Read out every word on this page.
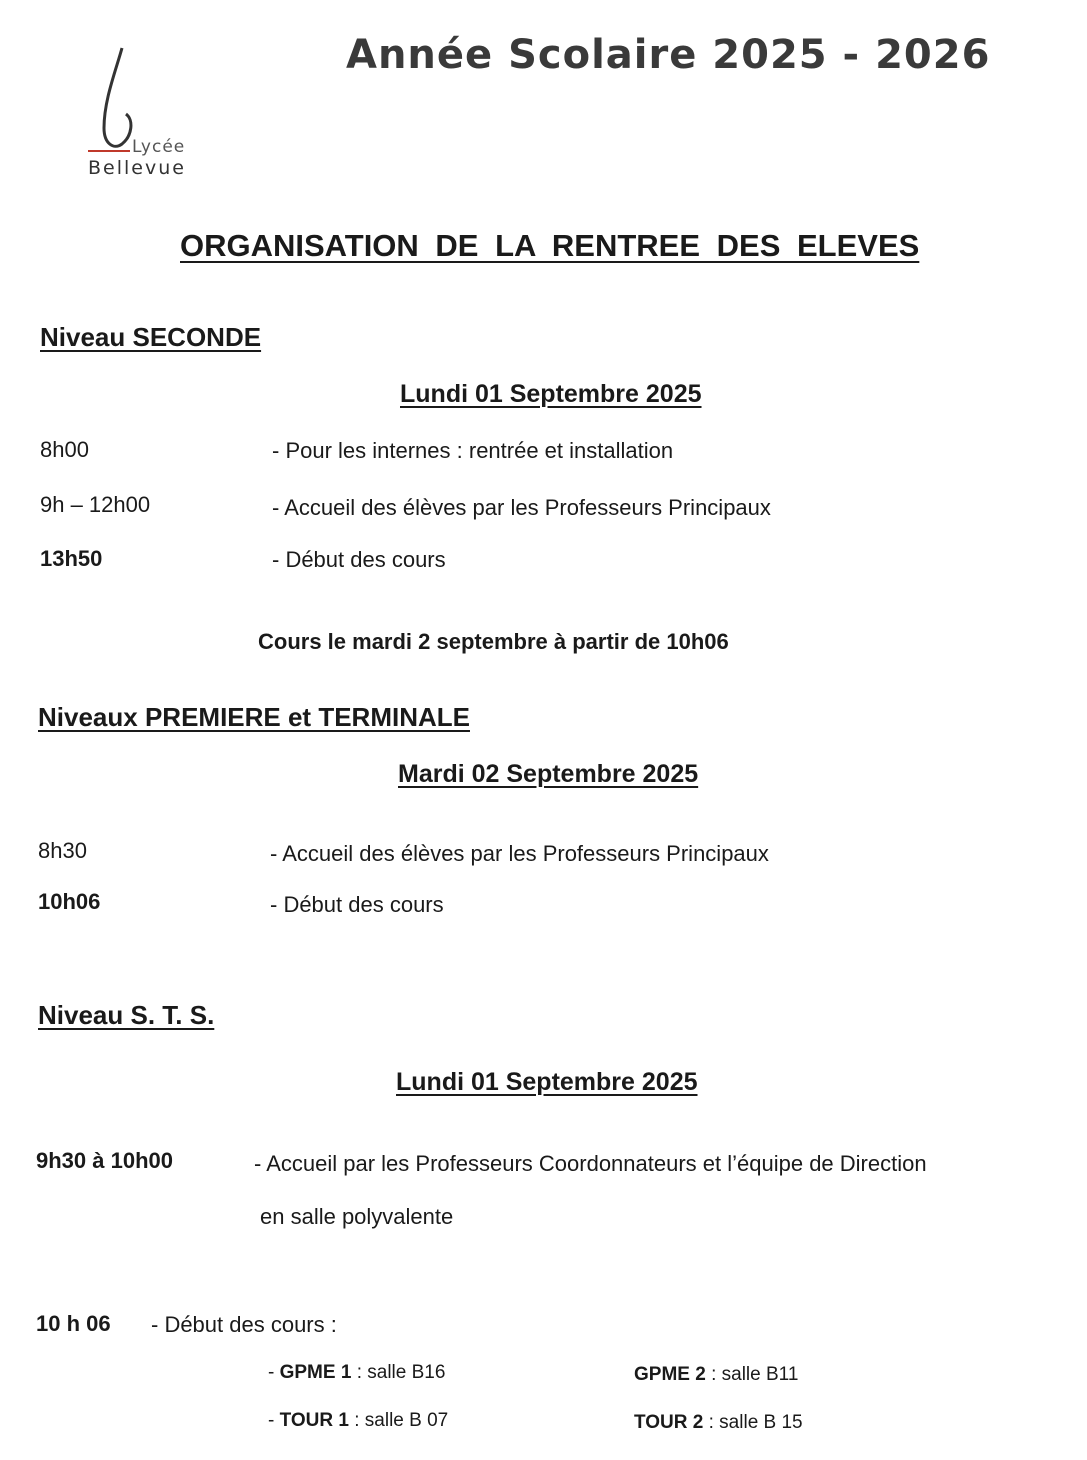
Lycée
Bellevue
Année Scolaire 2025 - 2026
ORGANISATION DE LA RENTREE DES ELEVES
Niveau SECONDE
Lundi 01 Septembre 2025
8h00	- Pour les internes : rentrée et installation
9h – 12h00	- Accueil des élèves par les Professeurs Principaux
13h50	- Début des cours
Cours le mardi 2 septembre à partir de 10h06
Niveaux PREMIERE et TERMINALE
Mardi 02 Septembre 2025
8h30	- Accueil des élèves par les Professeurs Principaux
10h06	- Début des cours
Niveau S. T. S.
Lundi 01 Septembre 2025
9h30 à 10h00	- Accueil par les Professeurs Coordonnateurs et l’équipe de Direction
en salle polyvalente
10 h 06 - Début des cours :
- GPME 1 : salle B16	GPME 2 : salle B11
- TOUR 1 : salle B 07	TOUR 2 : salle B 15
